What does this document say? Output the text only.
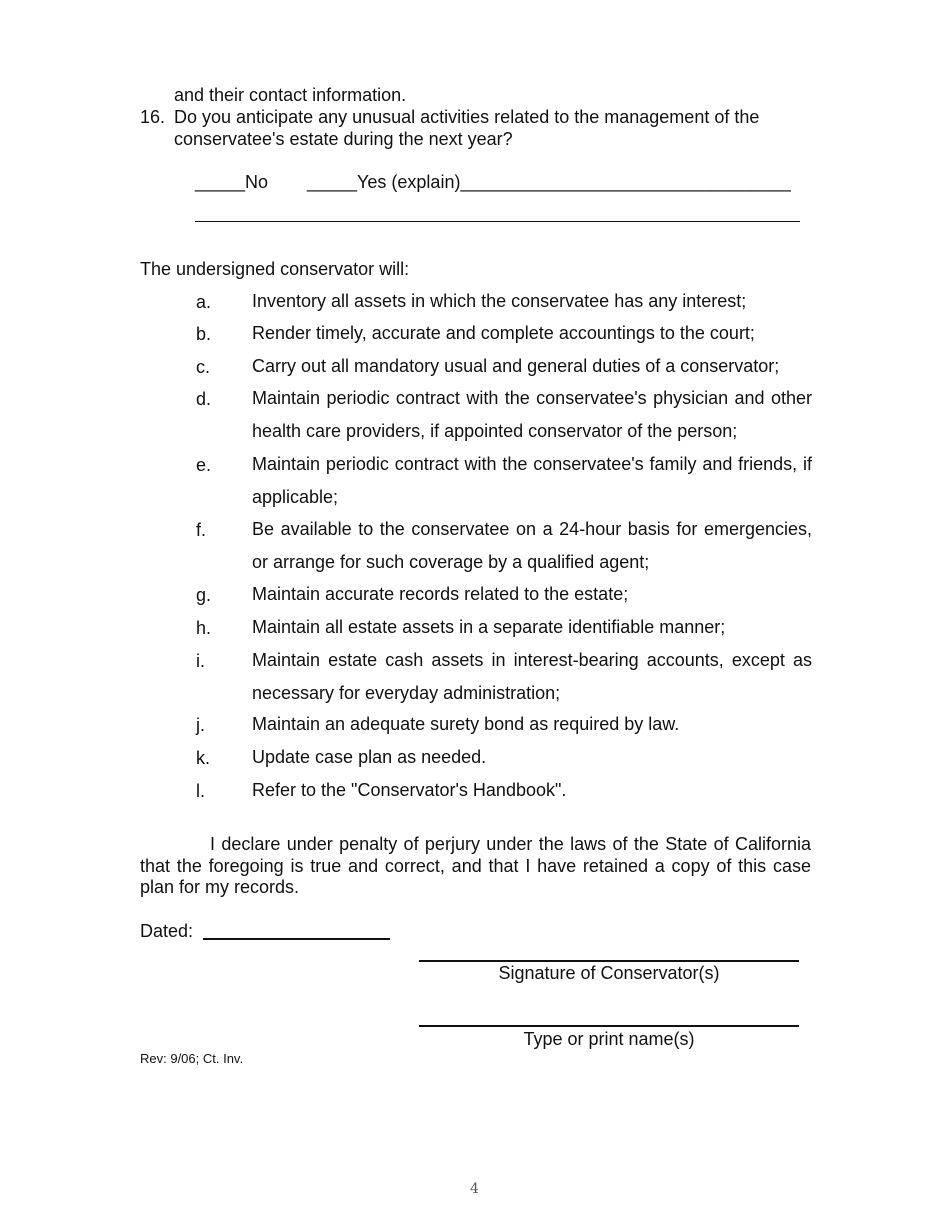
and their contact information.
16. Do you anticipate any unusual activities related to the management of the
conservatee's estate during the next year?
_____No _____Yes (explain)_________________________________
The undersigned conservator will:
a. Inventory all assets in which the conservatee has any interest;
b. Render timely, accurate and complete accountings to the court;
c. Carry out all mandatory usual and general duties of a conservator;
d. Maintain periodic contract with the conservatee's physician and other health care providers, if appointed conservator of the person;
e. Maintain periodic contract with the conservatee's family and friends, if applicable;
f.	Be available to the conservatee on a 24-hour basis for emergencies, or arrange for such coverage by a qualified agent;
g. Maintain accurate records related to the estate;
h. Maintain all estate assets in a separate identifiable manner;
i.	Maintain estate cash assets in interest-bearing accounts, except as necessary for everyday administration;
j.	Maintain an adequate surety bond as required by law.
k. Update case plan as needed.
l.	Refer to the "Conservator's Handbook".
I declare under penalty of perjury under the laws of the State of California that the foregoing is true and correct, and that I have retained a copy of this case plan for my records.
Dated:
Signature of Conservator(s)
Type or print name(s)
Rev: 9/06; Ct. Inv.
4
